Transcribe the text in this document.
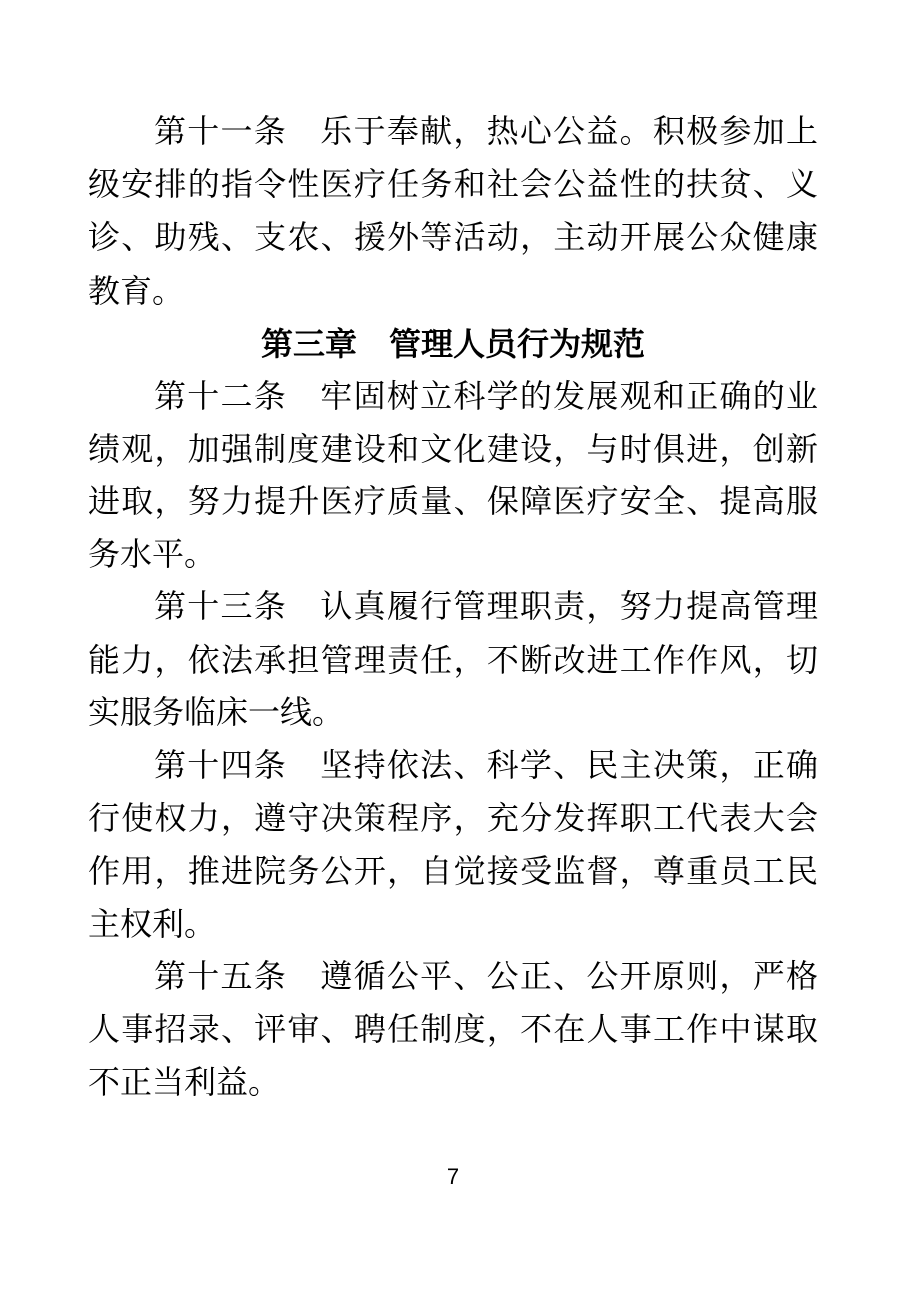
第十一条　乐于奉献，热心公益。积极参加上
级安排的指令性医疗任务和社会公益性的扶贫、义
诊、助残、支农、援外等活动，主动开展公众健康
教育。
第三章　管理人员行为规范
第十二条　牢固树立科学的发展观和正确的业
绩观，加强制度建设和文化建设，与时俱进，创新
进取，努力提升医疗质量、保障医疗安全、提高服
务水平。
第十三条　认真履行管理职责，努力提高管理
能力，依法承担管理责任，不断改进工作作风，切
实服务临床一线。
第十四条　坚持依法、科学、民主决策，正确
行使权力，遵守决策程序，充分发挥职工代表大会
作用，推进院务公开，自觉接受监督，尊重员工民
主权利。
第十五条　遵循公平、公正、公开原则，严格
人事招录、评审、聘任制度，不在人事工作中谋取
不正当利益。
7
